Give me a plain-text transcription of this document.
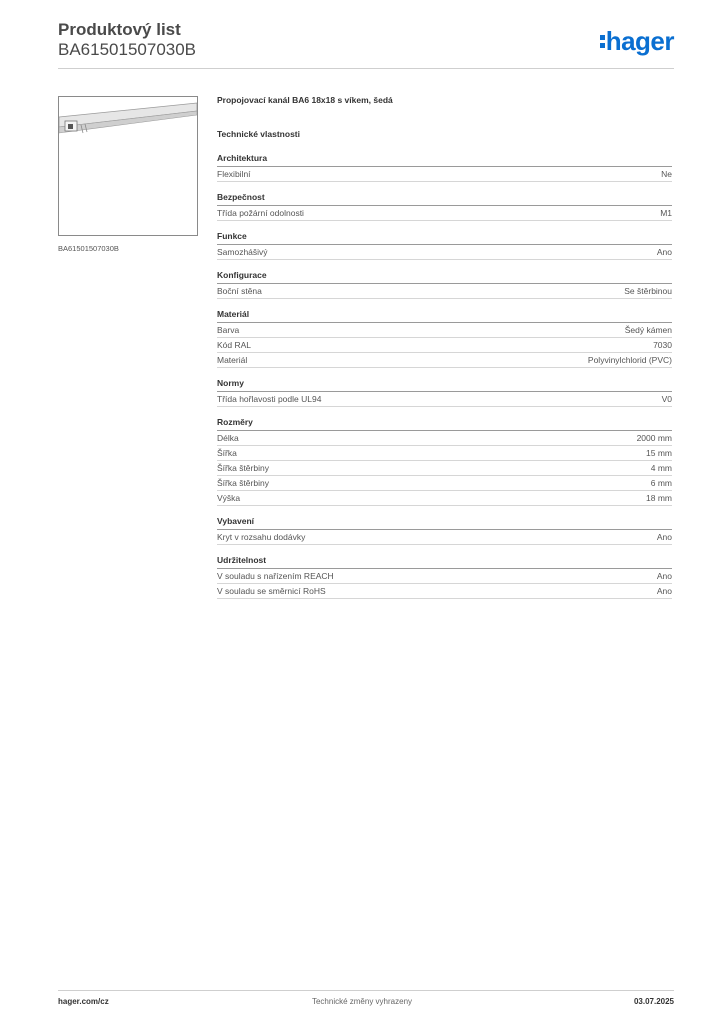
Produktový list
BA61501507030B	hager
BA61501507030B
Propojovací kanál BA6 18x18 s víkem, šedá
Technické vlastnosti
Architektura
Flexibilní	Ne
Bezpečnost
Třída požární odolnosti	M1
Funkce
Samozhášivý	Ano
Konfigurace
Boční stěna	Se štěrbinou
Materiál
Barva	Šedý kámen
Kód RAL	7030
Materiál	Polyvinylchlorid (PVC)
Normy
Třída hořlavosti podle UL94	V0
Rozměry
Délka	2000 mm
Šířka	15 mm
Šířka štěrbiny	4 mm
Šířka štěrbiny	6 mm
Výška	18 mm
Vybavení
Kryt v rozsahu dodávky	Ano
Udržitelnost
V souladu s nařízením REACH	Ano
V souladu se směrnicí RoHS	Ano
hager.com/cz	Technické změny vyhrazeny	03.07.2025
